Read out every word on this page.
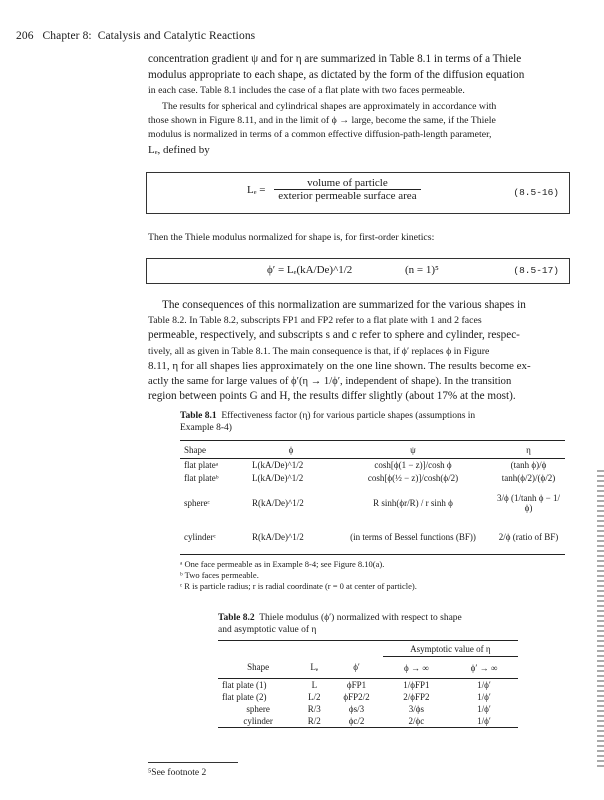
206 Chapter 8: Catalysis and Catalytic Reactions

concentration gradient ψ and for η are summarized in Table 8.1 in terms of a Thiele

modulus appropriate to each shape, as dictated by the form of the diffusion equation

in each case. Table 8.1 includes the case of a flat plate with two faces permeable.

The results for spherical and cylindrical shapes are approximately in accordance with

those shown in Figure 8.11, and in the limit of ϕ → large, become the same, if the Thiele

modulus is normalized in terms of a common effective diffusion-path-length parameter,

Lₑ, defined by

$L_e = \frac{\text{volume of particle}}{\text{exterior permeable surface area}}$	(8.5-16)

Then the Thiele modulus normalized for shape is, for first-order kinetics:

ϕ′ = Lₑ(kA/De)^1/2	(n = 1)⁵	(8.5-17)

The consequences of this normalization are summarized for the various shapes in

Table 8.2. In Table 8.2, subscripts FP1 and FP2 refer to a flat plate with 1 and 2 faces

permeable, respectively, and subscripts s and c refer to sphere and cylinder, respec-

tively, all as given in Table 8.1. The main consequence is that, if ϕ′ replaces ϕ in Figure

8.11, η for all shapes lies approximately on the one line shown. The results become ex-

actly the same for large values of ϕ′(η → 1/ϕ′, independent of shape). In the transition

region between points G and H, the results differ slightly (about 17% at the most).

Table 8.1 Effectiveness factor (η) for various particle shapes (assumptions in
Example 8-4)
Shape	ϕ	ψ	η
flat plateᵃ	L(kA/De)^1/2	cosh[ϕ(1 − z)]/cosh ϕ	(tanh ϕ)/ϕ
flat plateᵇ	L(kA/De)^1/2	cosh[ϕ(½ − z)]/cosh(ϕ/2)	tanh(ϕ/2)/(ϕ/2)
sphereᶜ	R(kA/De)^1/2	R sinh(ϕr/R) / r sinh ϕ	3/ϕ (1/tanh ϕ − 1/ϕ)
cylinderᶜ	R(kA/De)^1/2	(in terms of Bessel functions (BF))	2/ϕ (ratio of BF)
ᵃ One face permeable as in Example 8-4; see Figure 8.10(a).
ᵇ Two faces permeable.
ᶜ R is particle radius; r is radial coordinate (r = 0 at center of particle).
Table 8.2 Thiele modulus (ϕ′) normalized with respect to shape
and asymptotic value of η
			Asymptotic value of η	
Shape	Lₑ	ϕ′	ϕ → ∞	ϕ′ → ∞
flat plate (1)	L	ϕFP1	1/ϕFP1	1/ϕ′
flat plate (2)	L/2	ϕFP2/2	2/ϕFP2	1/ϕ′
sphere	R/3	ϕs/3	3/ϕs	1/ϕ′
cylinder	R/2	ϕc/2	2/ϕc	1/ϕ′
⁵See footnote 2
